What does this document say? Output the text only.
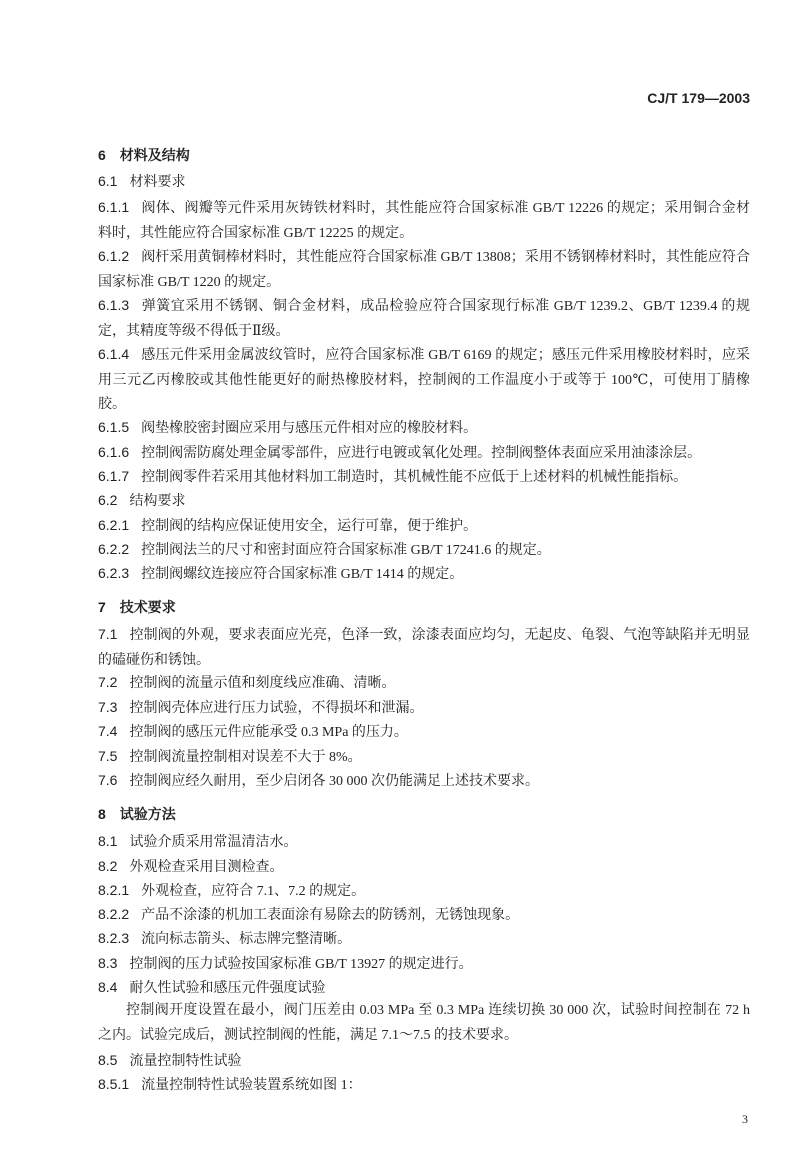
CJ/T 179—2003
6 材料及结构
6.1 材料要求
6.1.1 阀体、阀瓣等元件采用灰铸铁材料时，其性能应符合国家标准 GB/T 12226 的规定；采用铜合金材料时，其性能应符合国家标准 GB/T 12225 的规定。
6.1.2 阀杆采用黄铜棒材料时，其性能应符合国家标准 GB/T 13808；采用不锈钢棒材料时，其性能应符合国家标准 GB/T 1220 的规定。
6.1.3 弹簧宜采用不锈钢、铜合金材料，成品检验应符合国家现行标准 GB/T 1239.2、GB/T 1239.4 的规定，其精度等级不得低于Ⅱ级。
6.1.4 感压元件采用金属波纹管时，应符合国家标准 GB/T 6169 的规定；感压元件采用橡胶材料时，应采用三元乙丙橡胶或其他性能更好的耐热橡胶材料，控制阀的工作温度小于或等于 100℃，可使用丁腈橡胶。
6.1.5 阀垫橡胶密封圈应采用与感压元件相对应的橡胶材料。
6.1.6 控制阀需防腐处理金属零部件，应进行电镀或氧化处理。控制阀整体表面应采用油漆涂层。
6.1.7 控制阀零件若采用其他材料加工制造时，其机械性能不应低于上述材料的机械性能指标。
6.2 结构要求
6.2.1 控制阀的结构应保证使用安全，运行可靠，便于维护。
6.2.2 控制阀法兰的尺寸和密封面应符合国家标准 GB/T 17241.6 的规定。
6.2.3 控制阀螺纹连接应符合国家标准 GB/T 1414 的规定。
7 技术要求
7.1 控制阀的外观，要求表面应光亮，色泽一致，涂漆表面应均匀，无起皮、龟裂、气泡等缺陷并无明显的磕碰伤和锈蚀。
7.2 控制阀的流量示值和刻度线应准确、清晰。
7.3 控制阀壳体应进行压力试验，不得损坏和泄漏。
7.4 控制阀的感压元件应能承受 0.3 MPa 的压力。
7.5 控制阀流量控制相对误差不大于 8%。
7.6 控制阀应经久耐用，至少启闭各 30 000 次仍能满足上述技术要求。
8 试验方法
8.1 试验介质采用常温清洁水。
8.2 外观检查采用目测检查。
8.2.1 外观检查，应符合 7.1、7.2 的规定。
8.2.2 产品不涂漆的机加工表面涂有易除去的防锈剂，无锈蚀现象。
8.2.3 流向标志箭头、标志牌完整清晰。
8.3 控制阀的压力试验按国家标准 GB/T 13927 的规定进行。
8.4 耐久性试验和感压元件强度试验
控制阀开度设置在最小，阀门压差由 0.03 MPa 至 0.3 MPa 连续切换 30 000 次，试验时间控制在 72 h 之内。试验完成后，测试控制阀的性能，满足 7.1～7.5 的技术要求。
8.5 流量控制特性试验
8.5.1 流量控制特性试验装置系统如图 1：
3
